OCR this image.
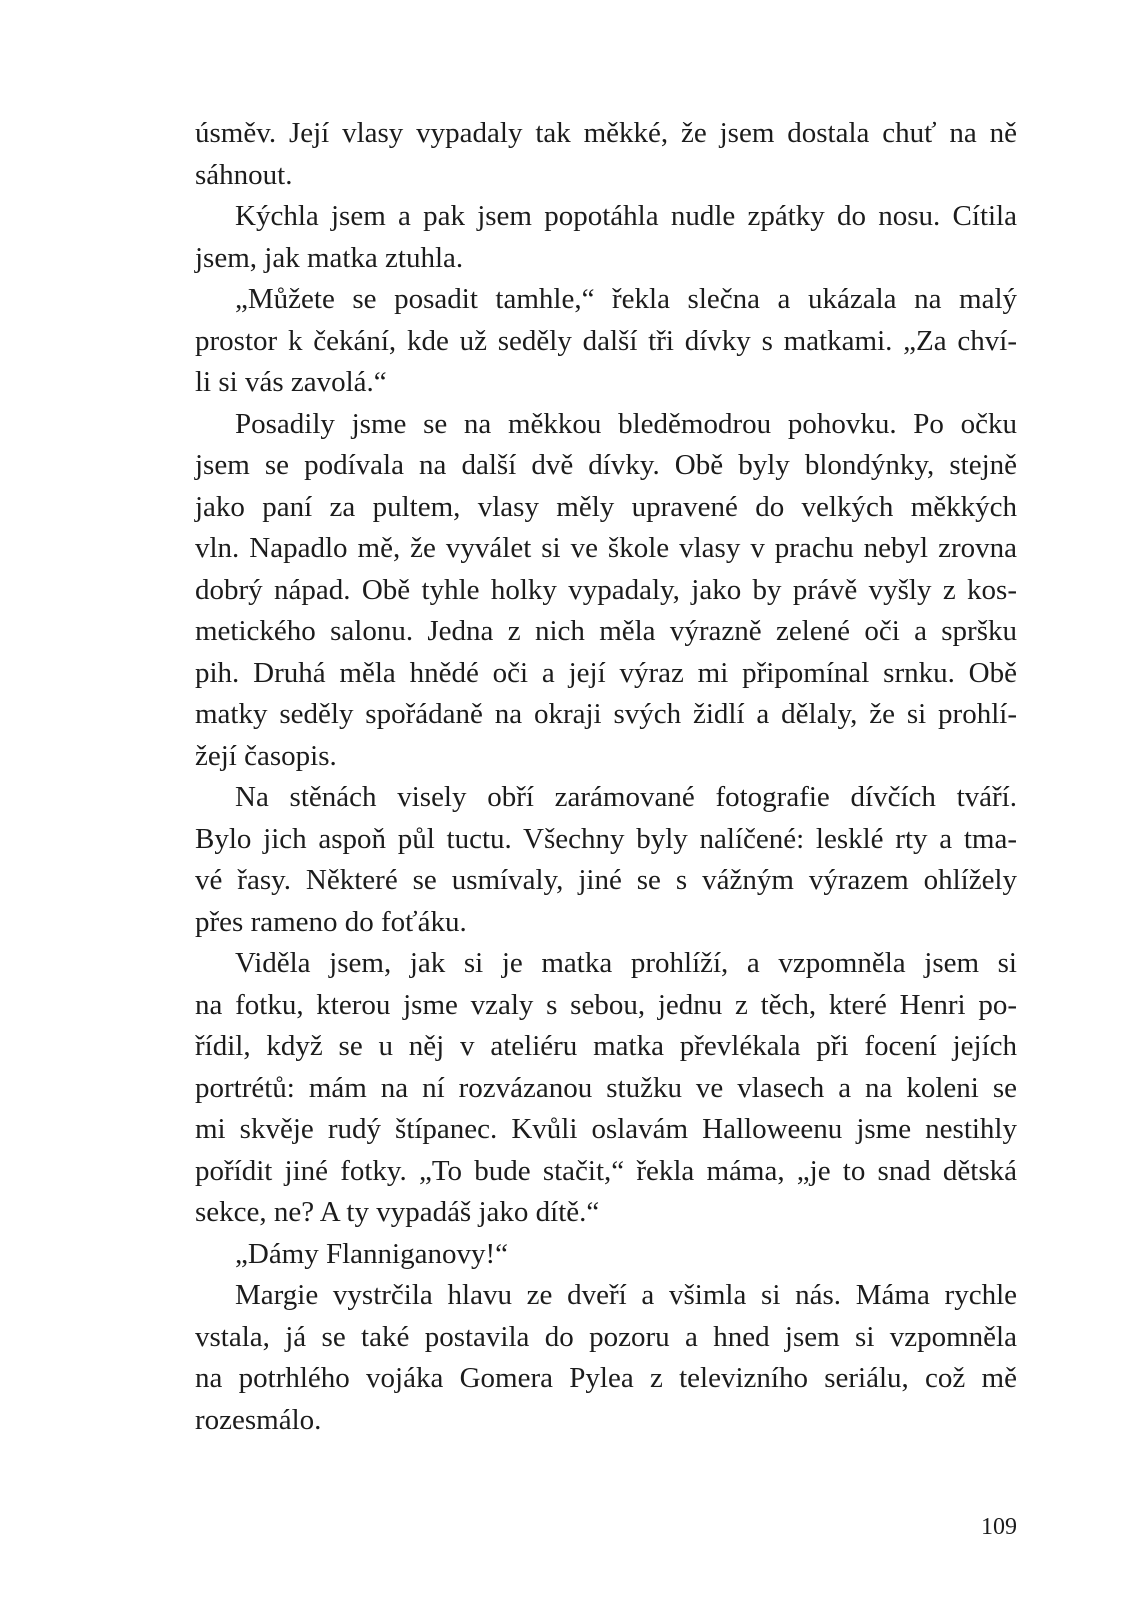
úsměv. Její vlasy vypadaly tak měkké, že jsem dostala chuť na ně
sáhnout.
Kýchla jsem a pak jsem popotáhla nudle zpátky do nosu. Cítila
jsem, jak matka ztuhla.
„Můžete se posadit tamhle,“ řekla slečna a ukázala na malý
prostor k čekání, kde už seděly další tři dívky s matkami. „Za chví-
li si vás zavolá.“
Posadily jsme se na měkkou bleděmodrou pohovku. Po očku
jsem se podívala na další dvě dívky. Obě byly blondýnky, stejně
jako paní za pultem, vlasy měly upravené do velkých měkkých
vln. Napadlo mě, že vyválet si ve škole vlasy v prachu nebyl zrovna
dobrý nápad. Obě tyhle holky vypadaly, jako by právě vyšly z kos-
metického salonu. Jedna z nich měla výrazně zelené oči a spršku
pih. Druhá měla hnědé oči a její výraz mi připomínal srnku. Obě
matky seděly spořádaně na okraji svých židlí a dělaly, že si prohlí-
žejí časopis.
Na stěnách visely obří zarámované fotografie dívčích tváří.
Bylo jich aspoň půl tuctu. Všechny byly nalíčené: lesklé rty a tma-
vé řasy. Některé se usmívaly, jiné se s vážným výrazem ohlížely
přes rameno do foťáku.
Viděla jsem, jak si je matka prohlíží, a vzpomněla jsem si
na fotku, kterou jsme vzaly s sebou, jednu z těch, které Henri po-
řídil, když se u něj v ateliéru matka převlékala při focení jejích
portrétů: mám na ní rozvázanou stužku ve vlasech a na koleni se
mi skvěje rudý štípanec. Kvůli oslavám Halloweenu jsme nestihly
pořídit jiné fotky. „To bude stačit,“ řekla máma, „je to snad dětská
sekce, ne? A ty vypadáš jako dítě.“
„Dámy Flanniganovy!“
Margie vystrčila hlavu ze dveří a všimla si nás. Máma rychle
vstala, já se také postavila do pozoru a hned jsem si vzpomněla
na potrhlého vojáka Gomera Pylea z televizního seriálu, což mě
rozesmálo.
109
